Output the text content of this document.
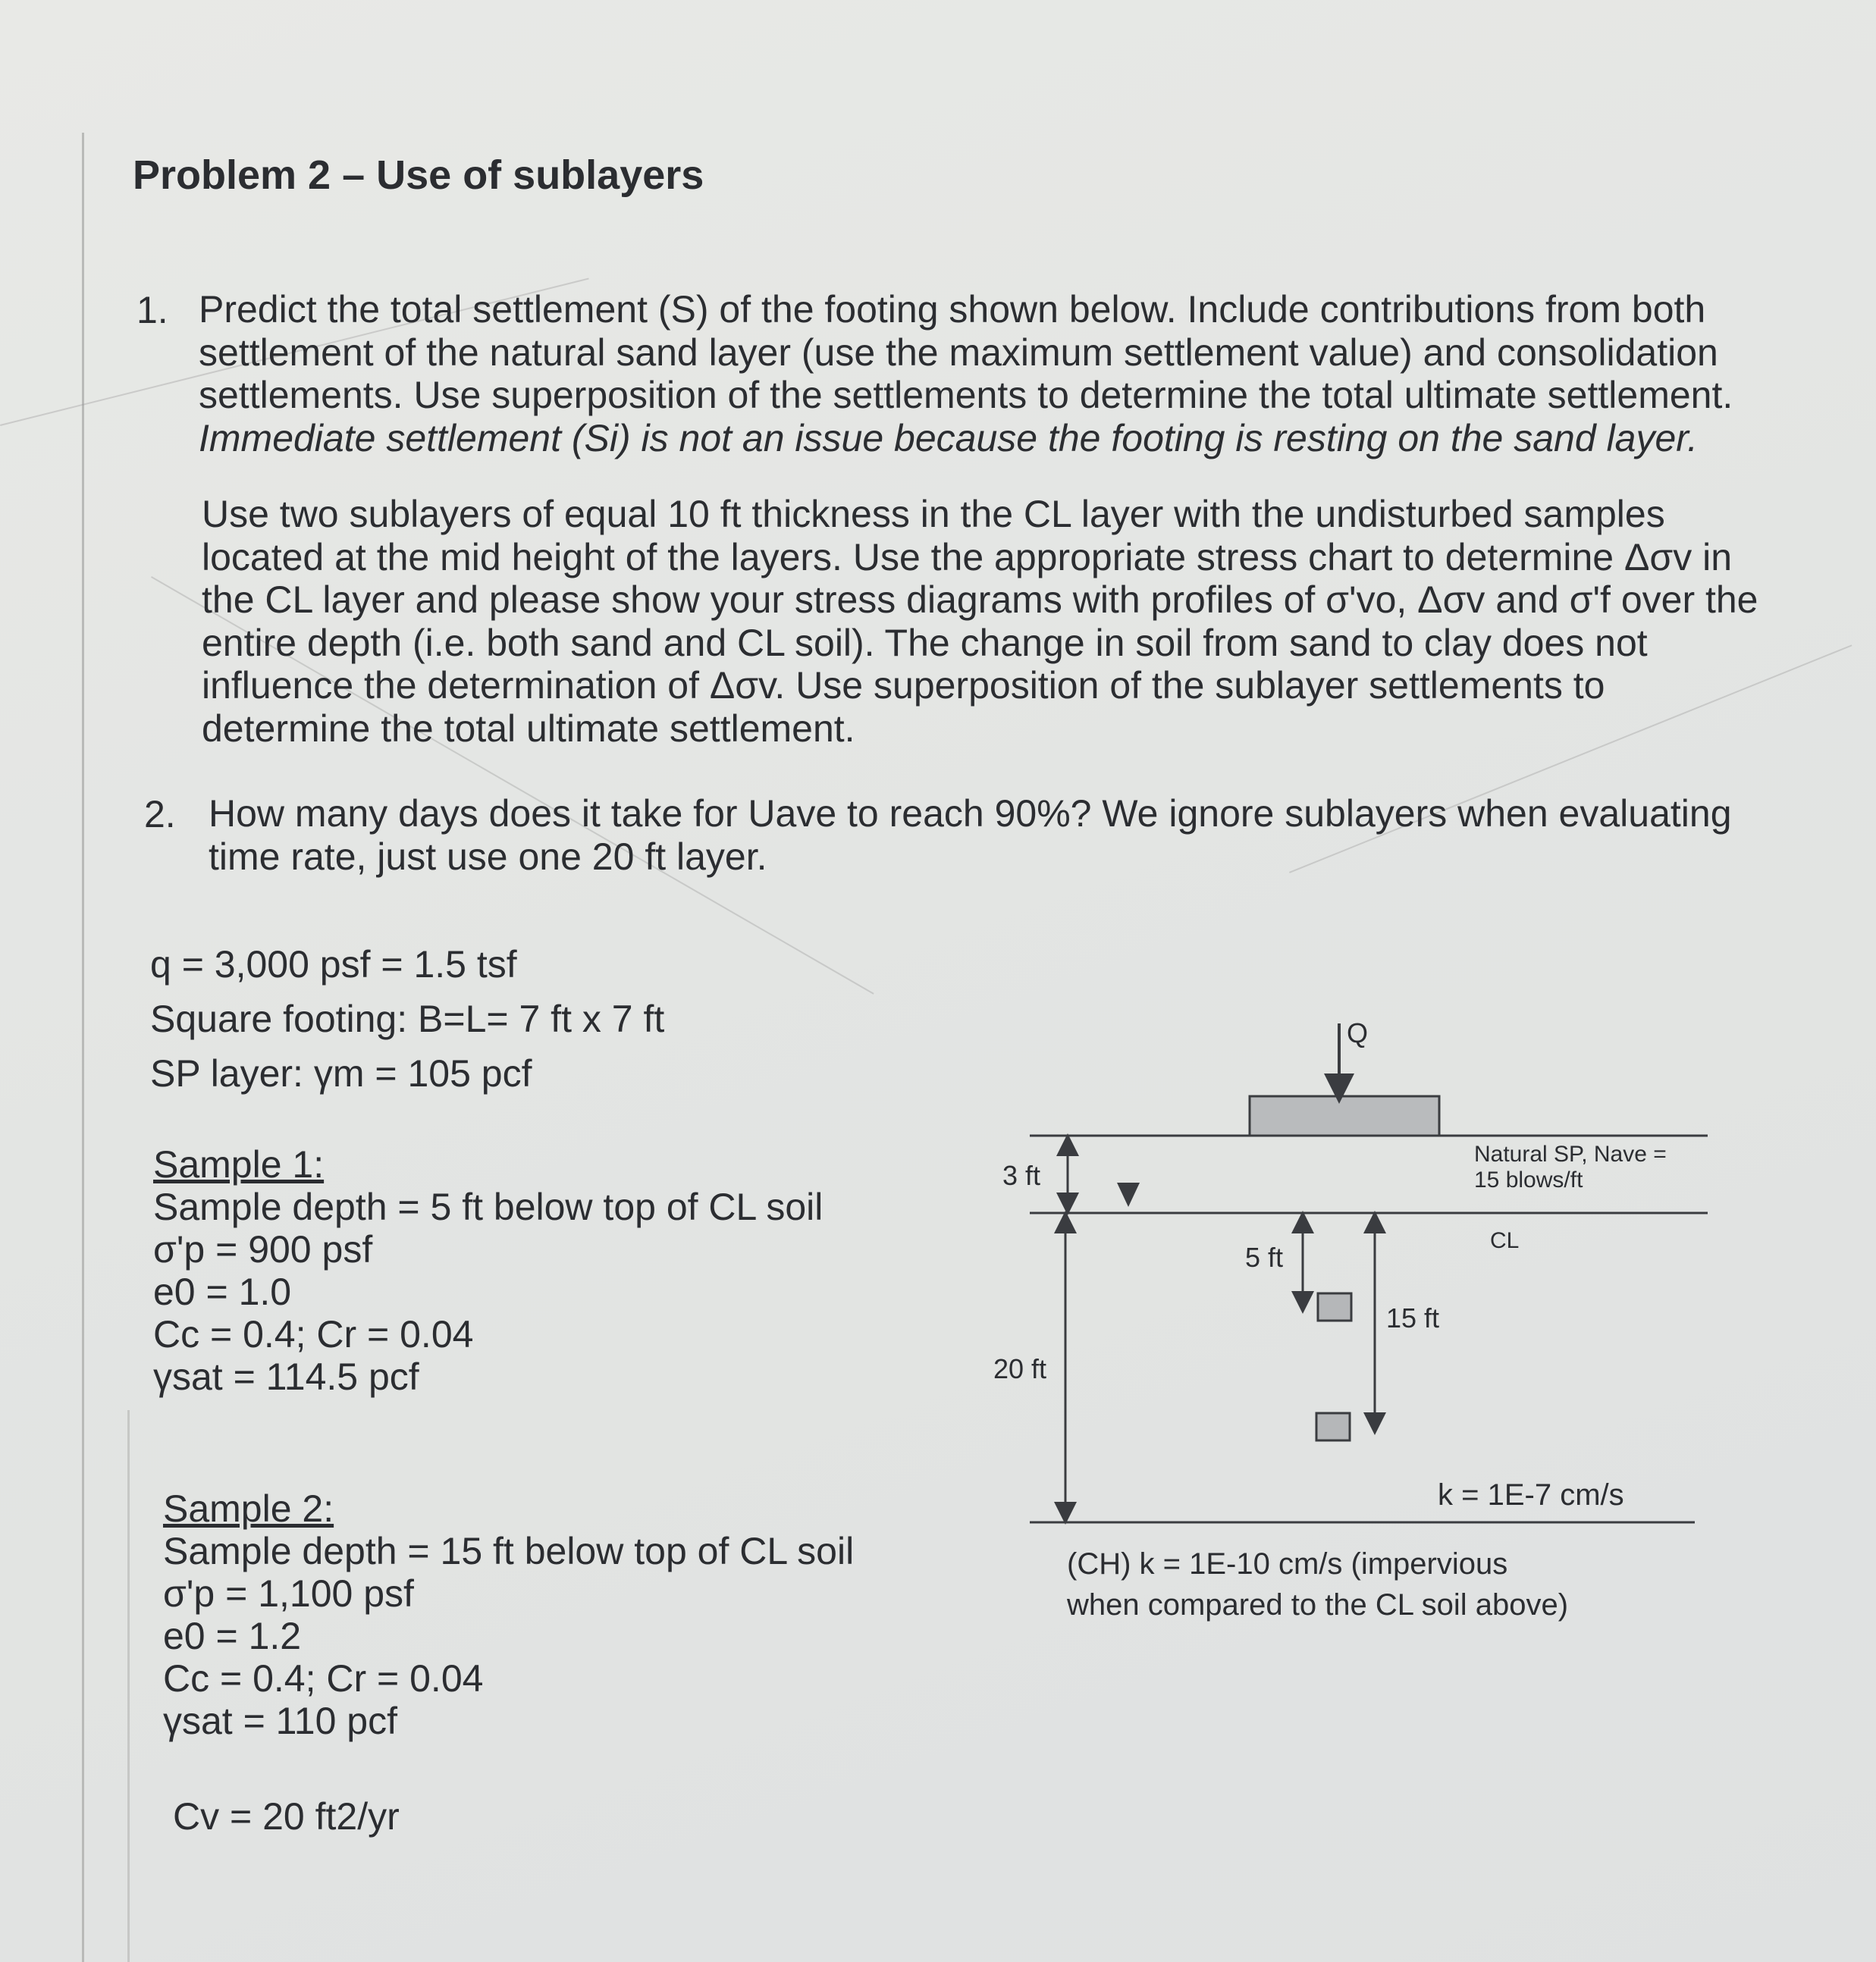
Problem 2 – Use of sublayers
1. Predict the total settlement (S) of the footing shown below. Include contributions from both

settlement of the natural sand layer (use the maximum settlement value) and consolidation

settlements. Use superposition of the settlements to determine the total ultimate settlement.

Immediate settlement (Si) is not an issue because the footing is resting on the sand layer.

Use two sublayers of equal 10 ft thickness in the CL layer with the undisturbed samples

located at the mid height of the layers. Use the appropriate stress chart to determine Δσv in

the CL layer and please show your stress diagrams with profiles of σ'vo, Δσv and σ'f over the

entire depth (i.e. both sand and CL soil). The change in soil from sand to clay does not

influence the determination of Δσv. Use superposition of the sublayer settlements to

determine the total ultimate settlement.

2. How many days does it take for Uave to reach 90%? We ignore sublayers when evaluating

time rate, just use one 20 ft layer.

q = 3,000 psf = 1.5 tsf

Square footing: B=L= 7 ft x 7 ft

SP layer: γm = 105 pcf

Sample 1:

Sample depth = 5 ft below top of CL soil

σ'p = 900 psf

e0 = 1.0

Cc = 0.4; Cr = 0.04

γsat = 114.5 pcf

Sample 2:

Sample depth = 15 ft below top of CL soil

σ'p = 1,100 psf

e0 = 1.2

Cc = 0.4; Cr = 0.04

γsat = 110 pcf

Cv = 20 ft2/yr
Q
Natural SP, Nave =
15 blows/ft
CL
3 ft
20 ft
5 ft
15 ft
k = 1E-7 cm/s
(CH) k = 1E-10 cm/s (impervious
when compared to the CL soil above)
